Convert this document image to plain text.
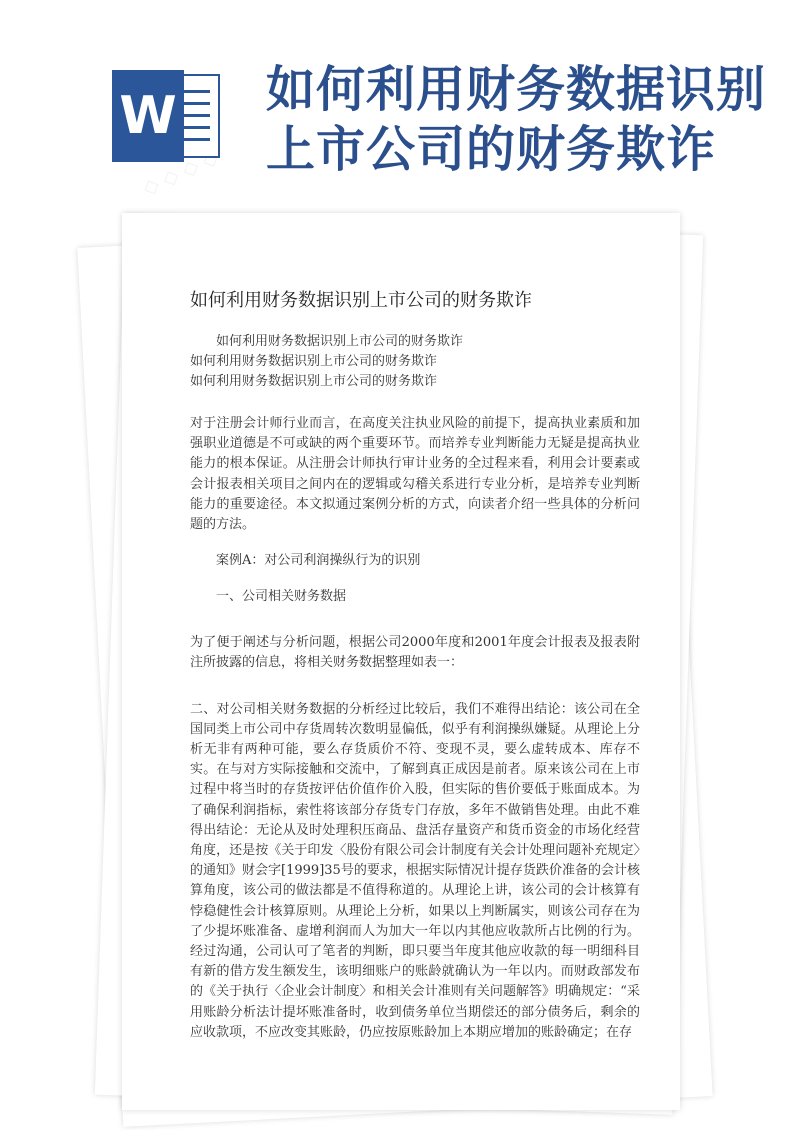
◇ ◇ ◇ ◇
W 如何利用财务数据识别
上市公司的财务欺诈
如何利用财务数据识别上市公司的财务欺诈
如何利用财务数据识别上市公司的财务欺诈
如何利用财务数据识别上市公司的财务欺诈
如何利用财务数据识别上市公司的财务欺诈
对于注册会计师行业而言，在高度关注执业风险的前提下，提高执业素质和加强职业道德是不可或缺的两个重要环节。而培养专业判断能力无疑是提高执业能力的根本保证。从注册会计师执行审计业务的全过程来看，利用会计要素或会计报表相关项目之间内在的逻辑或勾稽关系进行专业分析，是培养专业判断能力的重要途径。本文拟通过案例分析的方式，向读者介绍一些具体的分析问题的方法。
案例A：对公司利润操纵行为的识别
一、公司相关财务数据
为了便于阐述与分析问题，根据公司2000年度和2001年度会计报表及报表附注所披露的信息，将相关财务数据整理如表一：
二、对公司相关财务数据的分析经过比较后，我们不难得出结论：该公司在全国同类上市公司中存货周转次数明显偏低，似乎有利润操纵嫌疑。从理论上分析无非有两种可能，要么存货质价不符、变现不灵，要么虚转成本、库存不实。在与对方实际接触和交流中，了解到真正成因是前者。原来该公司在上市过程中将当时的存货按评估价值作价入股，但实际的售价要低于账面成本。为了确保利润指标，索性将该部分存货专门存放，多年不做销售处理。由此不难得出结论：无论从及时处理积压商品、盘活存量资产和货币资金的市场化经营角度，还是按《关于印发〈股份有限公司会计制度有关会计处理问题补充规定〉的通知》财会字[1999]35号的要求，根据实际情况计提存货跌价准备的会计核算角度，该公司的做法都是不值得称道的。从理论上讲，该公司的会计核算有悖稳健性会计核算原则。从理论上分析，如果以上判断属实，则该公司存在为了少提坏账准备、虚增利润而人为加大一年以内其他应收款所占比例的行为。经过沟通，公司认可了笔者的判断，即只要当年度其他应收款的每一明细科目有新的借方发生额发生，该明细账户的账龄就确认为一年以内。而财政部发布的《关于执行〈企业会计制度〉和相关会计准则有关问题解答》明确规定：“采用账龄分析法计提坏账准备时，收到债务单位当期偿还的部分债务后，剩余的应收款项，不应改变其账龄，仍应按原账龄加上本期应增加的账龄确定；在存
